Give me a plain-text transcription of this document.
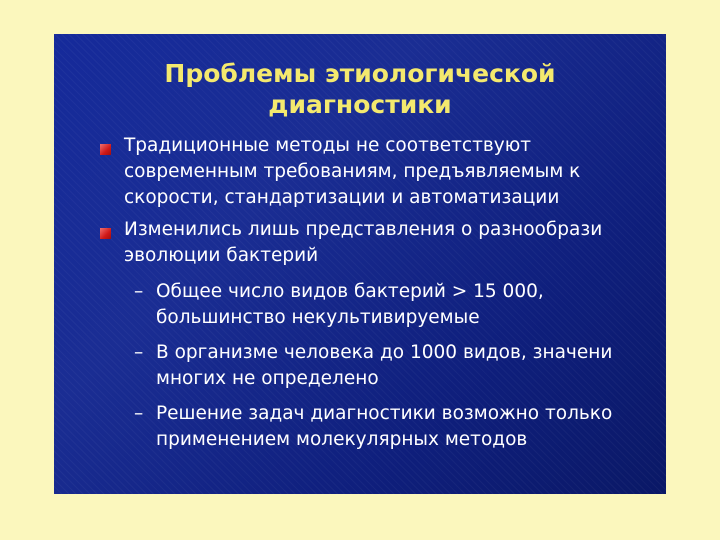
Проблемы этиологической
диагностики
Традиционные методы не соответствуют
современным требованиям, предъявляемым к
скорости, стандартизации и автоматизации
Изменились лишь представления о разнообрази
эволюции бактерий
– Общее число видов бактерий > 15 000,
большинство некультивируемые
– В организме человека до 1000 видов, значени
многих не определено
– Решение задач диагностики возможно только
применением молекулярных методов
